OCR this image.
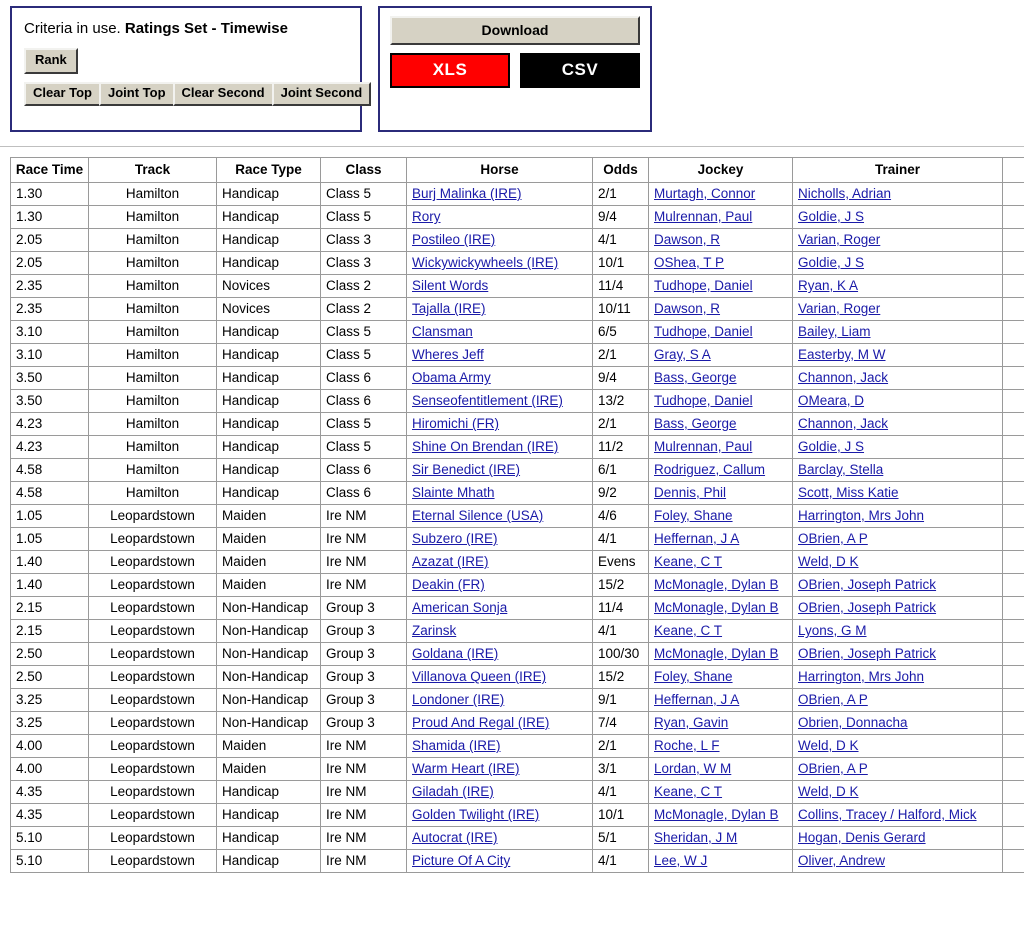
Criteria in use. Ratings Set - Timewise
Rank
Clear Top	Joint Top	Clear Second	Joint Second
Download
XLS	CSV
Race Time	Track	Race Type	Class	Horse	Odds	Jockey	Trainer	
1.30	Hamilton	Handicap	Class 5	Burj Malinka (IRE)	2/1	Murtagh, Connor	Nicholls, Adrian	
1.30	Hamilton	Handicap	Class 5	Rory	9/4	Mulrennan, Paul	Goldie, J S	
2.05	Hamilton	Handicap	Class 3	Postileo (IRE)	4/1	Dawson, R	Varian, Roger	
2.05	Hamilton	Handicap	Class 3	Wickywickywheels (IRE)	10/1	OShea, T P	Goldie, J S	
2.35	Hamilton	Novices	Class 2	Silent Words	11/4	Tudhope, Daniel	Ryan, K A	
2.35	Hamilton	Novices	Class 2	Tajalla (IRE)	10/11	Dawson, R	Varian, Roger	
3.10	Hamilton	Handicap	Class 5	Clansman	6/5	Tudhope, Daniel	Bailey, Liam	
3.10	Hamilton	Handicap	Class 5	Wheres Jeff	2/1	Gray, S A	Easterby, M W	
3.50	Hamilton	Handicap	Class 6	Obama Army	9/4	Bass, George	Channon, Jack	
3.50	Hamilton	Handicap	Class 6	Senseofentitlement (IRE)	13/2	Tudhope, Daniel	OMeara, D	
4.23	Hamilton	Handicap	Class 5	Hiromichi (FR)	2/1	Bass, George	Channon, Jack	
4.23	Hamilton	Handicap	Class 5	Shine On Brendan (IRE)	11/2	Mulrennan, Paul	Goldie, J S	
4.58	Hamilton	Handicap	Class 6	Sir Benedict (IRE)	6/1	Rodriguez, Callum	Barclay, Stella	
4.58	Hamilton	Handicap	Class 6	Slainte Mhath	9/2	Dennis, Phil	Scott, Miss Katie	
1.05	Leopardstown	Maiden	Ire NM	Eternal Silence (USA)	4/6	Foley, Shane	Harrington, Mrs John	
1.05	Leopardstown	Maiden	Ire NM	Subzero (IRE)	4/1	Heffernan, J A	OBrien, A P	
1.40	Leopardstown	Maiden	Ire NM	Azazat (IRE)	Evens	Keane, C T	Weld, D K	
1.40	Leopardstown	Maiden	Ire NM	Deakin (FR)	15/2	McMonagle, Dylan B	OBrien, Joseph Patrick	
2.15	Leopardstown	Non-Handicap	Group 3	American Sonja	11/4	McMonagle, Dylan B	OBrien, Joseph Patrick	
2.15	Leopardstown	Non-Handicap	Group 3	Zarinsk	4/1	Keane, C T	Lyons, G M	
2.50	Leopardstown	Non-Handicap	Group 3	Goldana (IRE)	100/30	McMonagle, Dylan B	OBrien, Joseph Patrick	
2.50	Leopardstown	Non-Handicap	Group 3	Villanova Queen (IRE)	15/2	Foley, Shane	Harrington, Mrs John	
3.25	Leopardstown	Non-Handicap	Group 3	Londoner (IRE)	9/1	Heffernan, J A	OBrien, A P	
3.25	Leopardstown	Non-Handicap	Group 3	Proud And Regal (IRE)	7/4	Ryan, Gavin	Obrien, Donnacha	
4.00	Leopardstown	Maiden	Ire NM	Shamida (IRE)	2/1	Roche, L F	Weld, D K	
4.00	Leopardstown	Maiden	Ire NM	Warm Heart (IRE)	3/1	Lordan, W M	OBrien, A P	
4.35	Leopardstown	Handicap	Ire NM	Giladah (IRE)	4/1	Keane, C T	Weld, D K	
4.35	Leopardstown	Handicap	Ire NM	Golden Twilight (IRE)	10/1	McMonagle, Dylan B	Collins, Tracey / Halford, Mick	
5.10	Leopardstown	Handicap	Ire NM	Autocrat (IRE)	5/1	Sheridan, J M	Hogan, Denis Gerard	
5.10	Leopardstown	Handicap	Ire NM	Picture Of A City	4/1	Lee, W J	Oliver, Andrew	
